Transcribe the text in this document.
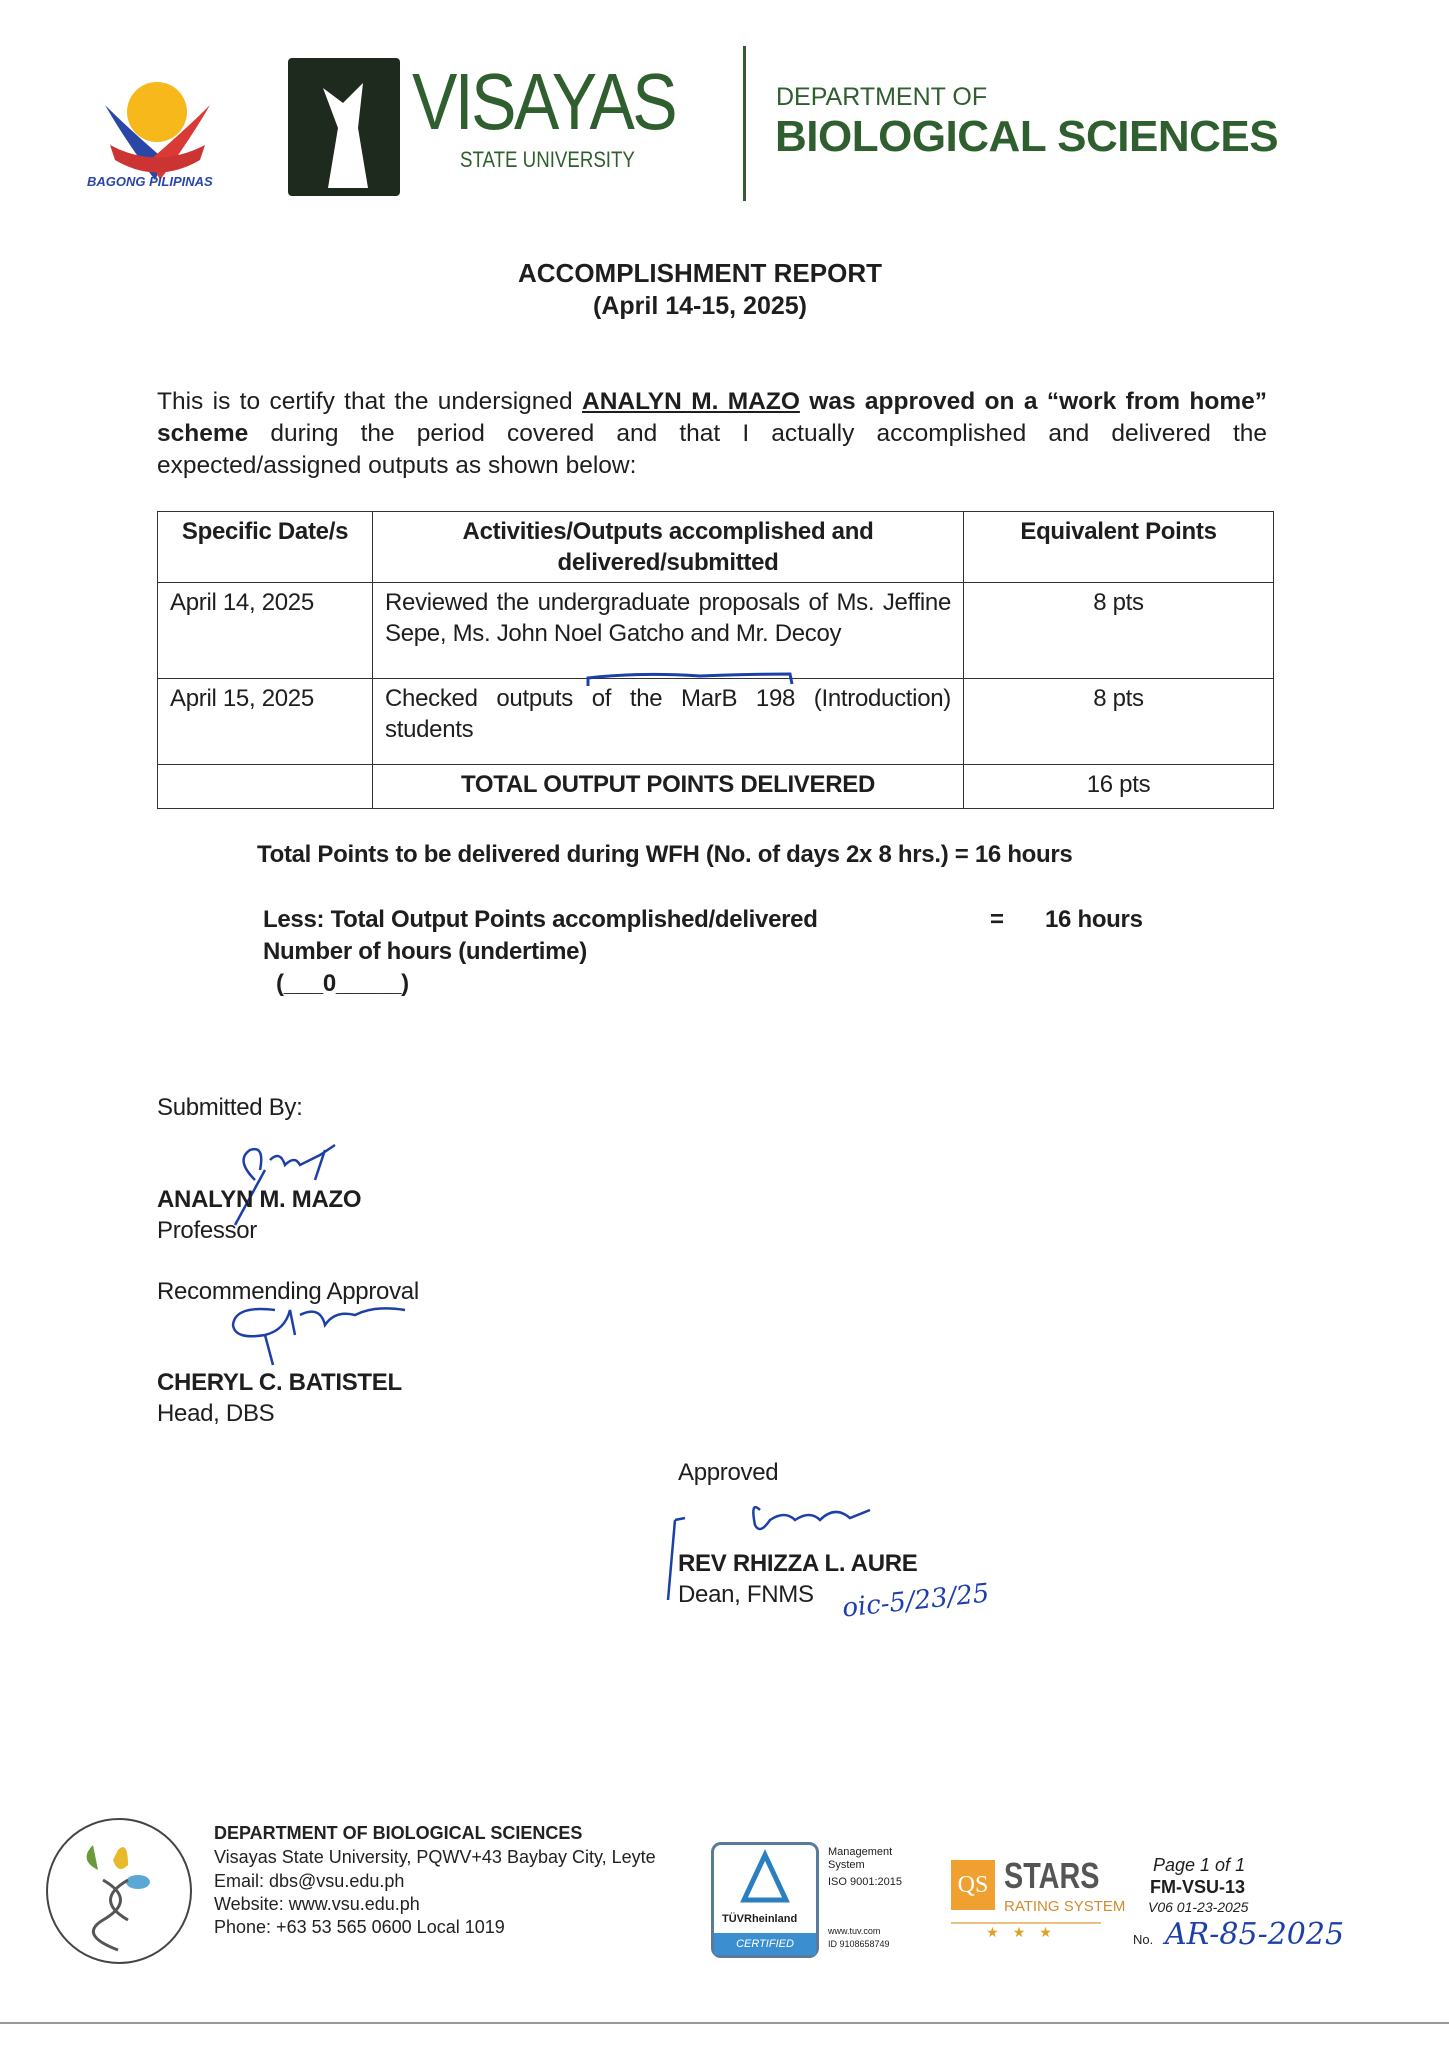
BAGONG PILIPINAS
VISAYAS
STATE UNIVERSITY
DEPARTMENT OF
BIOLOGICAL SCIENCES
ACCOMPLISHMENT REPORT
(April 14-15, 2025)
This is to certify that the undersigned ANALYN M. MAZO was approved on a “work from home” scheme during the period covered and that I actually accomplished and delivered the expected/assigned outputs as shown below:
Specific Date/s	Activities/Outputs accomplished and delivered/submitted	Equivalent Points
April 14, 2025	Reviewed the undergraduate proposals of Ms. Jeffine Sepe, Ms. John Noel Gatcho and Mr. Decoy	8 pts
April 15, 2025	Checked outputs of the MarB 198 (Introduction) students	8 pts
	TOTAL OUTPUT POINTS DELIVERED	16 pts
Total Points to be delivered during WFH (No. of days 2x 8 hrs.) = 16 hours
Less: Total Output Points accomplished/delivered	= 16 hours
Number of hours (undertime)
(___0_____)
Submitted By:
ANALYN M. MAZO
Professor
Recommending Approval
CHERYL C. BATISTEL
Head, DBS
Approved
REV RHIZZA L. AURE
Dean, FNMS oic-5/23/25
DEPARTMENT OF BIOLOGICAL SCIENCES
Visayas State University, PQWV+43 Baybay City, Leyte
Email: dbs@vsu.edu.ph
Website: www.vsu.edu.ph
Phone: +63 53 565 0600 Local 1019	TÜVRheinland
CERTIFIED
Management System
ISO 9001:2015
www.tuv.com
ID 9108658749
QS STARS
RATING SYSTEM
★★★
Page 1 of 1
FM-VSU-13
V06 01-23-2025
No. AR-85-2025
